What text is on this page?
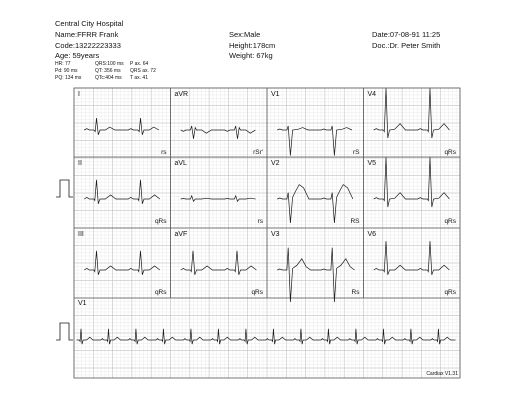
Central City Hospital
Name:FFRR Frank
Code:13222223333
Age: 59years
Sex:Male
Height:178cm
Weight: 67kg
Date:07-08-91 11:25
Doc.:Dr. Peter Smith
HR: 77	QRS:100 ms P ax. 64
Pd: 90 ms	QT: 356 ms QRS ax. 72
PQ: 134 ms	QTc:404 ms T ax. 41
I
rs
aVR
rSr'
V1
rS
V4
qRs
II
qRs
aVL
rs
V2
RS
V5
qRs
III
qRs
aVF
qRs
V3
Rs
V6
qRs
V1
Cardiax V1.31
